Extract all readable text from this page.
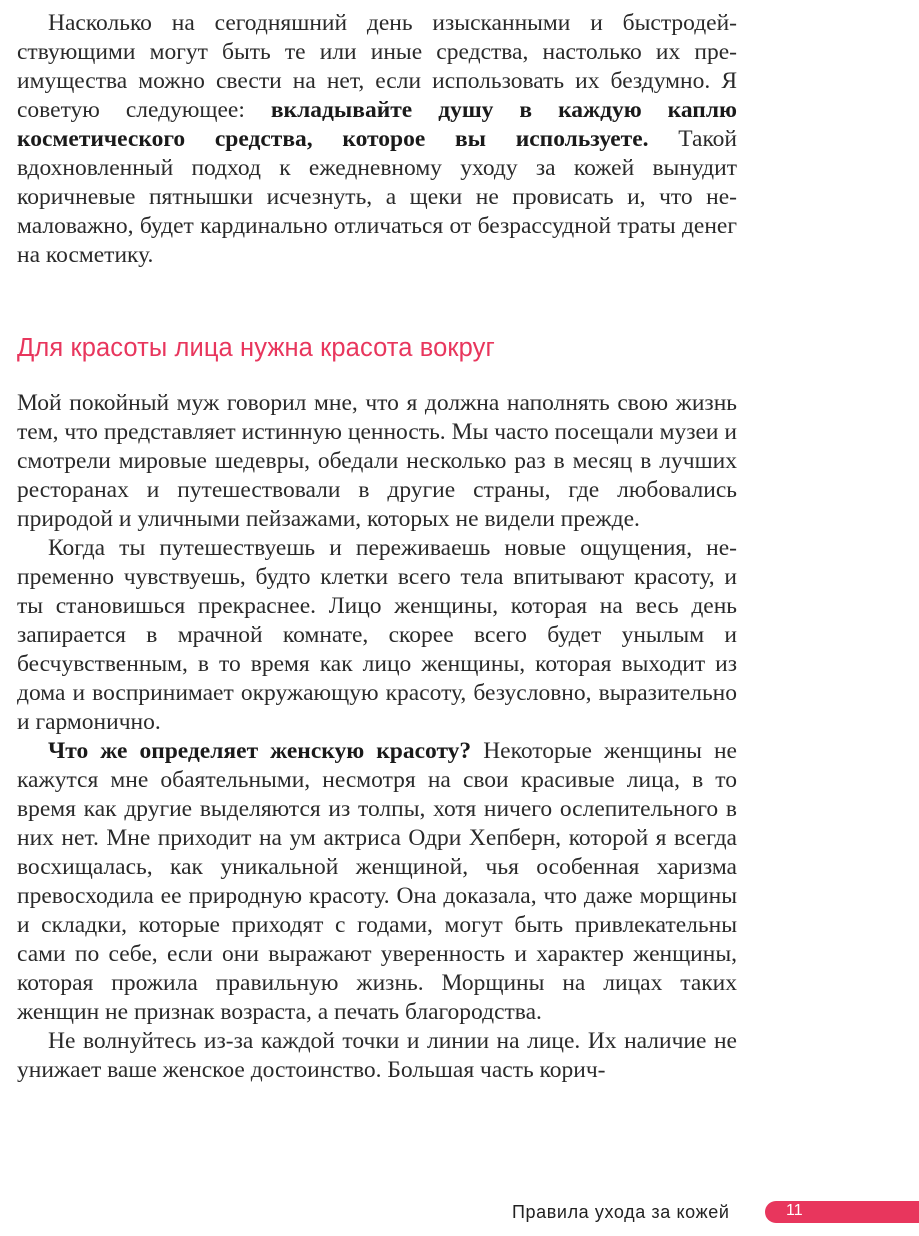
Насколько на сегодняшний день изысканными и быстродействующими могут быть те или иные средства, настолько их преимущества можно свести на нет, если использовать их бездумно. Я советую следующее: вкладывайте душу в каждую каплю косметического средства, которое вы используете. Такой вдохновленный подход к ежедневному уходу за кожей вынудит коричневые пятнышки исчезнуть, а щеки не провисать и, что немаловажно, будет кардинально отличаться от безрассудной траты денег на косметику.

Для красоты лица нужна красота вокруг

Мой покойный муж говорил мне, что я должна наполнять свою жизнь тем, что представляет истинную ценность. Мы часто посещали музеи и смотрели мировые шедевры, обедали несколько раз в месяц в лучших ресторанах и путешествовали в другие страны, где любовались природой и уличными пейзажами, которых не видели прежде.

Когда ты путешествуешь и переживаешь новые ощущения, непременно чувствуешь, будто клетки всего тела впитывают красоту, и ты становишься прекраснее. Лицо женщины, которая на весь день запирается в мрачной комнате, скорее всего будет унылым и бесчувственным, в то время как лицо женщины, которая выходит из дома и воспринимает окружающую красоту, безусловно, выразительно и гармонично.

Что же определяет женскую красоту? Некоторые женщины не кажутся мне обаятельными, несмотря на свои красивые лица, в то время как другие выделяются из толпы, хотя ничего ослепительного в них нет. Мне приходит на ум актриса Одри Хепберн, которой я всегда восхищалась, как уникальной женщиной, чья особенная харизма превосходила ее природную красоту. Она доказала, что даже морщины и складки, которые приходят с годами, могут быть привлекательны сами по себе, если они выражают уверенность и характер женщины, которая прожила правильную жизнь. Морщины на лицах таких женщин не признак возраста, а печать благородства.

Не волнуйтесь из-за каждой точки и линии на лице. Их наличие не унижает ваше женское достоинство. Большая часть корич-

Правила ухода за кожей	11
